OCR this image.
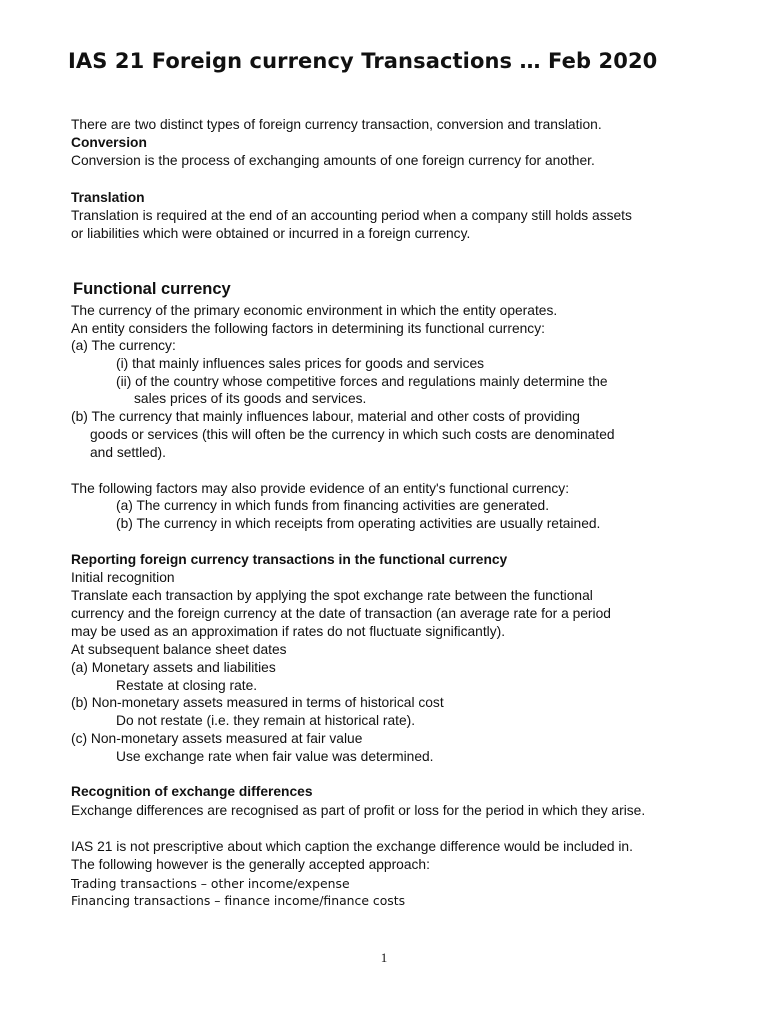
IAS 21 Foreign currency Transactions … Feb 2020

There are two distinct types of foreign currency transaction, conversion and translation.

Conversion

Conversion is the process of exchanging amounts of one foreign currency for another.

Translation

Translation is required at the end of an accounting period when a company still holds assets

or liabilities which were obtained or incurred in a foreign currency.

Functional currency

The currency of the primary economic environment in which the entity operates.

An entity considers the following factors in determining its functional currency:

(a) The currency:

(i) that mainly influences sales prices for goods and services

(ii) of the country whose competitive forces and regulations mainly determine the

sales prices of its goods and services.

(b) The currency that mainly influences labour, material and other costs of providing

goods or services (this will often be the currency in which such costs are denominated

and settled).

The following factors may also provide evidence of an entity's functional currency:

(a) The currency in which funds from financing activities are generated.

(b) The currency in which receipts from operating activities are usually retained.

Reporting foreign currency transactions in the functional currency

Initial recognition

Translate each transaction by applying the spot exchange rate between the functional

currency and the foreign currency at the date of transaction (an average rate for a period

may be used as an approximation if rates do not fluctuate significantly).

At subsequent balance sheet dates

(a) Monetary assets and liabilities

Restate at closing rate.

(b) Non-monetary assets measured in terms of historical cost

Do not restate (i.e. they remain at historical rate).

(c) Non-monetary assets measured at fair value

Use exchange rate when fair value was determined.

Recognition of exchange differences

Exchange differences are recognised as part of profit or loss for the period in which they arise.

IAS 21 is not prescriptive about which caption the exchange difference would be included in.

The following however is the generally accepted approach:

Trading transactions – other income/expense

Financing transactions – finance income/finance costs

1
